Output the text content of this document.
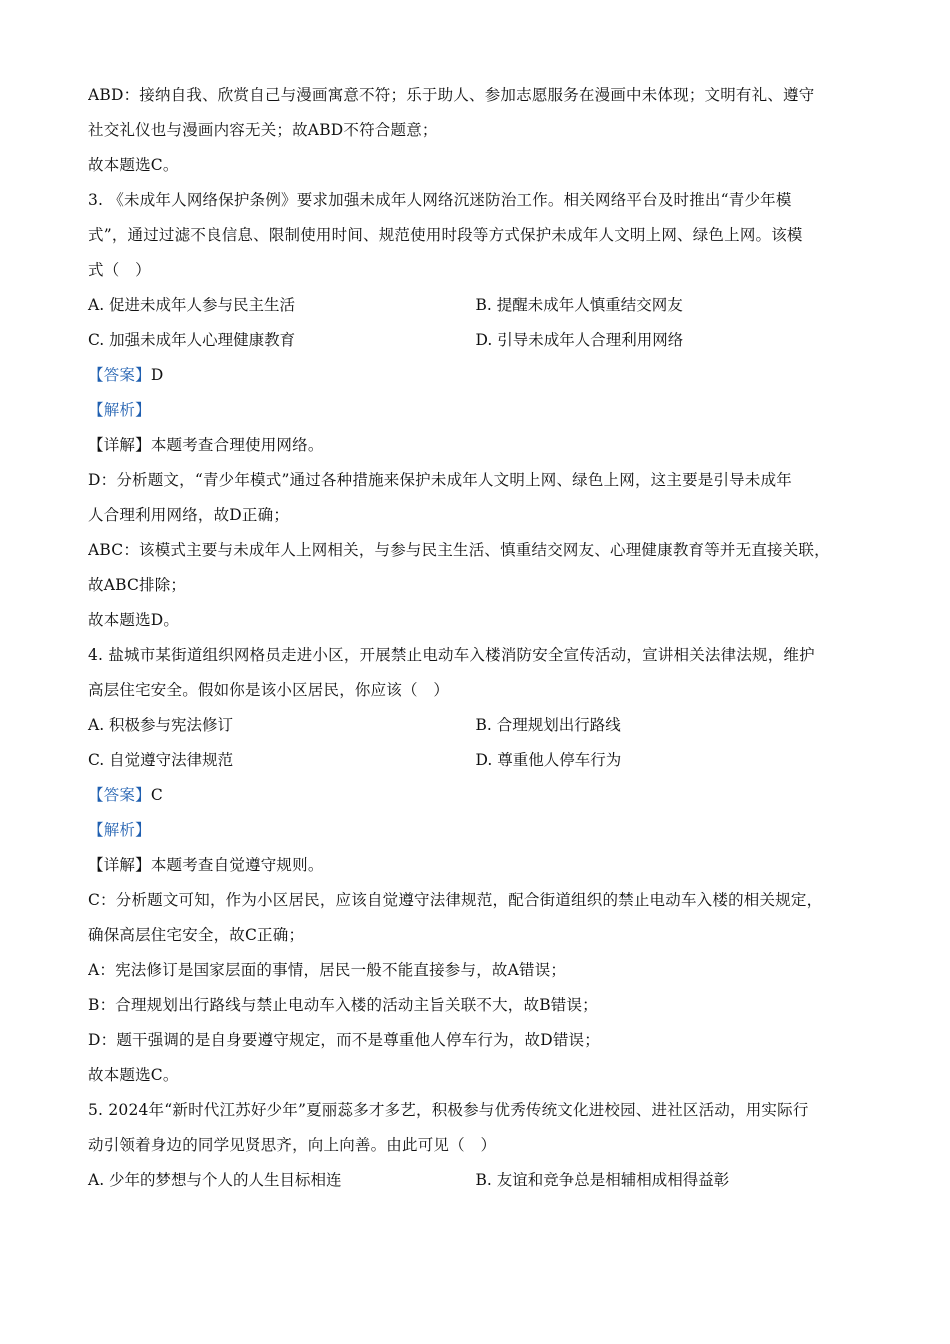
ABD：接纳自我、欣赏自己与漫画寓意不符；乐于助人、参加志愿服务在漫画中未体现；文明有礼、遵守
社交礼仪也与漫画内容无关；故ABD不符合题意；
故本题选C。
3. 《未成年人网络保护条例》要求加强未成年人网络沉迷防治工作。相关网络平台及时推出“青少年模
式”，通过过滤不良信息、限制使用时间、规范使用时段等方式保护未成年人文明上网、绿色上网。该模
式（　）
A. 促进未成年人参与民主生活	B. 提醒未成年人慎重结交网友
C. 加强未成年人心理健康教育	D. 引导未成年人合理利用网络
【答案】D
【解析】
【详解】本题考查合理使用网络。
D：分析题文，“青少年模式”通过各种措施来保护未成年人文明上网、绿色上网，这主要是引导未成年
人合理利用网络，故D正确；
ABC：该模式主要与未成年人上网相关，与参与民主生活、慎重结交网友、心理健康教育等并无直接关联，
故ABC排除；
故本题选D。
4. 盐城市某街道组织网格员走进小区，开展禁止电动车入楼消防安全宣传活动，宣讲相关法律法规，维护
高层住宅安全。假如你是该小区居民，你应该（　）
A. 积极参与宪法修订	B. 合理规划出行路线
C. 自觉遵守法律规范	D. 尊重他人停车行为
【答案】C
【解析】
【详解】本题考查自觉遵守规则。
C：分析题文可知，作为小区居民，应该自觉遵守法律规范，配合街道组织的禁止电动车入楼的相关规定，
确保高层住宅安全，故C正确；
A：宪法修订是国家层面的事情，居民一般不能直接参与，故A错误；
B：合理规划出行路线与禁止电动车入楼的活动主旨关联不大，故B错误；
D：题干强调的是自身要遵守规定，而不是尊重他人停车行为，故D错误；
故本题选C。
5. 2024年“新时代江苏好少年”夏丽蕊多才多艺，积极参与优秀传统文化进校园、进社区活动，用实际行
动引领着身边的同学见贤思齐，向上向善。由此可见（　）
A. 少年的梦想与个人的人生目标相连	B. 友谊和竞争总是相辅相成相得益彰
